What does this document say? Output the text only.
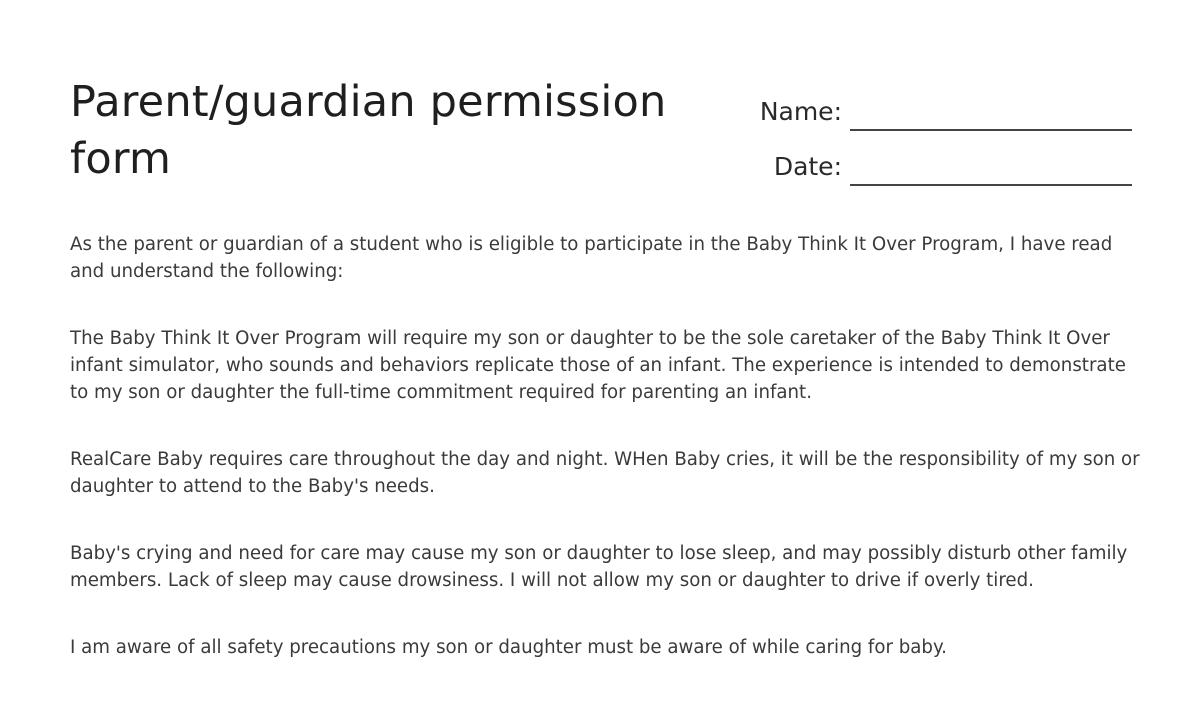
Parent/guardian permission form
Name:
Date:

As the parent or guardian of a student who is eligible to participate in the Baby Think It Over Program, I have read and understand the following:

The Baby Think It Over Program will require my son or daughter to be the sole caretaker of the Baby Think It Over infant simulator, who sounds and behaviors replicate those of an infant. The experience is intended to demonstrate to my son or daughter the full-time commitment required for parenting an infant.

RealCare Baby requires care throughout the day and night. WHen Baby cries, it will be the responsibility of my son or daughter to attend to the Baby's needs.

Baby's crying and need for care may cause my son or daughter to lose sleep, and may possibly disturb other family members. Lack of sleep may cause drowsiness. I will not allow my son or daughter to drive if overly tired.

I am aware of all safety precautions my son or daughter must be aware of while caring for baby.
